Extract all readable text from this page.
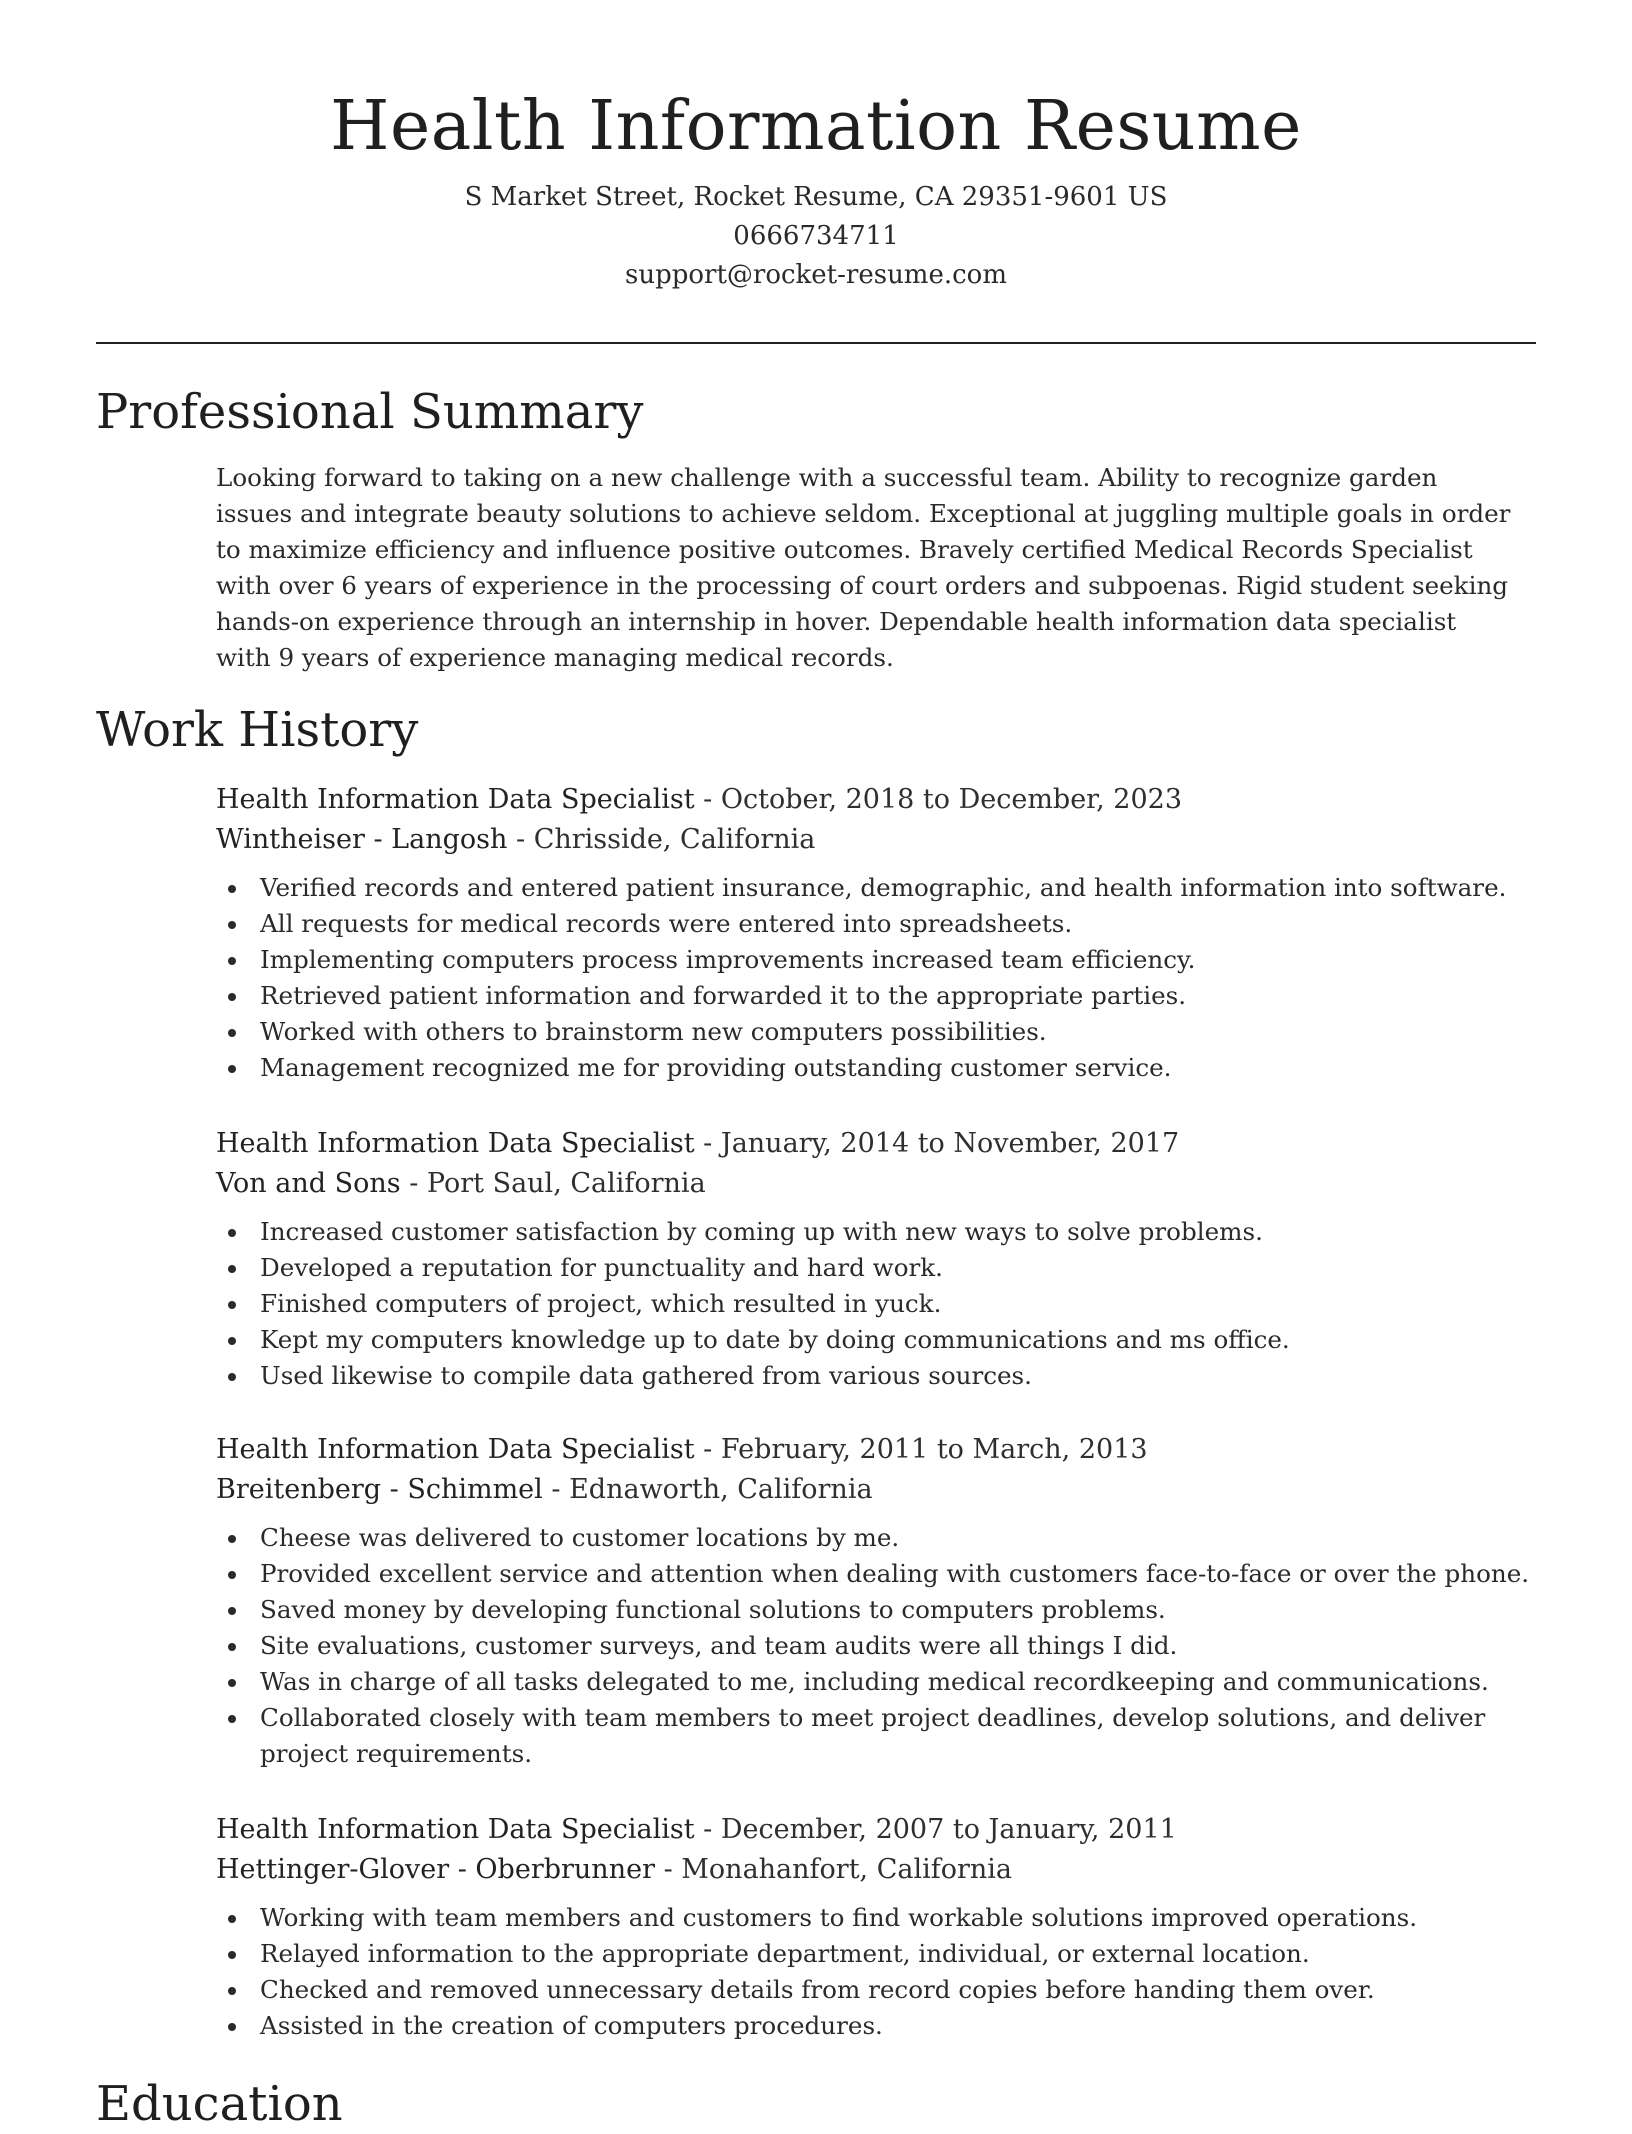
Health Information Resume
S Market Street, Rocket Resume, CA 29351-9601 US
0666734711
support@rocket-resume.com
Professional Summary

Looking forward to taking on a new challenge with a successful team. Ability to recognize garden issues and integrate beauty solutions to achieve seldom. Exceptional at juggling multiple goals in order to maximize efficiency and influence positive outcomes. Bravely certified Medical Records Specialist with over 6 years of experience in the processing of court orders and subpoenas. Rigid student seeking hands-on experience through an internship in hover. Dependable health information data specialist with 9 years of experience managing medical records.

Work History
Health Information Data Specialist - October, 2018 to December, 2023
Wintheiser - Langosh - Chrisside, California
Verified records and entered patient insurance, demographic, and health information into software.
All requests for medical records were entered into spreadsheets.
Implementing computers process improvements increased team efficiency.
Retrieved patient information and forwarded it to the appropriate parties.
Worked with others to brainstorm new computers possibilities.
Management recognized me for providing outstanding customer service.
Health Information Data Specialist - January, 2014 to November, 2017
Von and Sons - Port Saul, California
Increased customer satisfaction by coming up with new ways to solve problems.
Developed a reputation for punctuality and hard work.
Finished computers of project, which resulted in yuck.
Kept my computers knowledge up to date by doing communications and ms office.
Used likewise to compile data gathered from various sources.
Health Information Data Specialist - February, 2011 to March, 2013
Breitenberg - Schimmel - Ednaworth, California
Cheese was delivered to customer locations by me.
Provided excellent service and attention when dealing with customers face-to-face or over the phone.
Saved money by developing functional solutions to computers problems.
Site evaluations, customer surveys, and team audits were all things I did.
Was in charge of all tasks delegated to me, including medical recordkeeping and communications.
Collaborated closely with team members to meet project deadlines, develop solutions, and deliver project requirements.
Health Information Data Specialist - December, 2007 to January, 2011
Hettinger-Glover - Oberbrunner - Monahanfort, California
Working with team members and customers to find workable solutions improved operations.
Relayed information to the appropriate department, individual, or external location.
Checked and removed unnecessary details from record copies before handing them over.
Assisted in the creation of computers procedures.
Education
